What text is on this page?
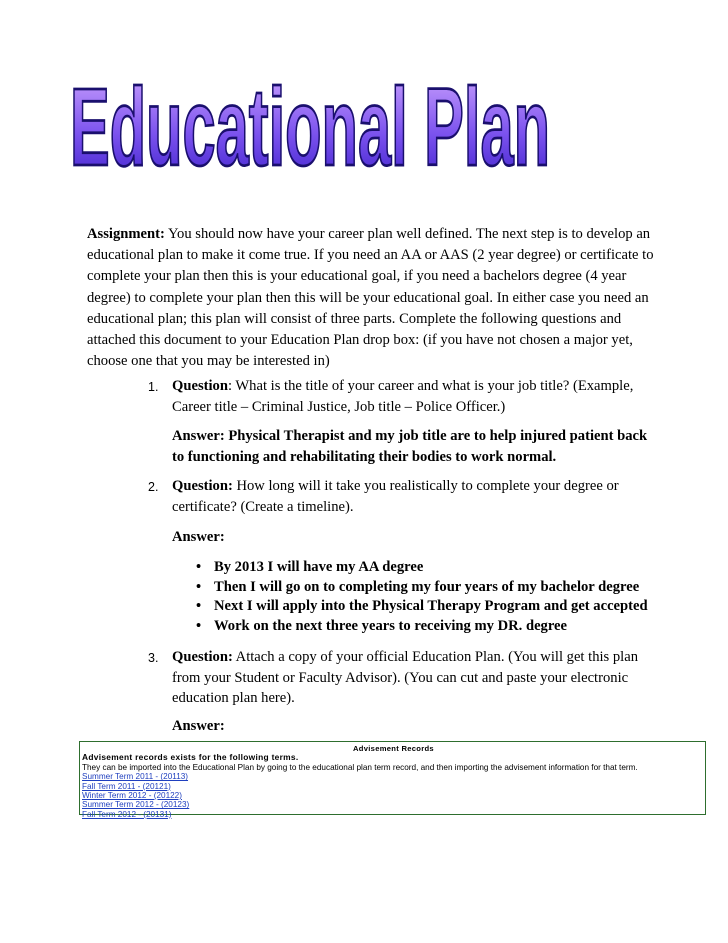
Educational Plan
Assignment: You should now have your career plan well defined. The next step is to develop an educational plan to make it come true. If you need an AA or AAS (2 year degree) or certificate to complete your plan then this is your educational goal, if you need a bachelors degree (4 year degree) to complete your plan then this will be your educational goal. In either case you need an educational plan; this plan will consist of three parts. Complete the following questions and attached this document to your Education Plan drop box: (if you have not chosen a major yet, choose one that you may be interested in)
1. Question: What is the title of your career and what is your job title? (Example, Career title – Criminal Justice, Job title – Police Officer.)
Answer: Physical Therapist and my job title are to help injured patient back to functioning and rehabilitating their bodies to work normal.
2. Question: How long will it take you realistically to complete your degree or certificate? (Create a timeline).
Answer:
• By 2013 I will have my AA degree
• Then I will go on to completing my four years of my bachelor degree
• Next I will apply into the Physical Therapy Program and get accepted
• Work on the next three years to receiving my DR. degree
3. Question: Attach a copy of your official Education Plan. (You will get this plan from your Student or Faculty Advisor). (You can cut and paste your electronic education plan here).
Answer:
Advisement Records
Advisement records exists for the following terms.
They can be imported into the Educational Plan by going to the educational plan term record, and then importing the advisement information for that term.
Summer Term 2011 - (20113)
Fall Term 2011 - (20121)
Winter Term 2012 - (20122)
Summer Term 2012 - (20123)
Fall Term 2012 - (20131)
